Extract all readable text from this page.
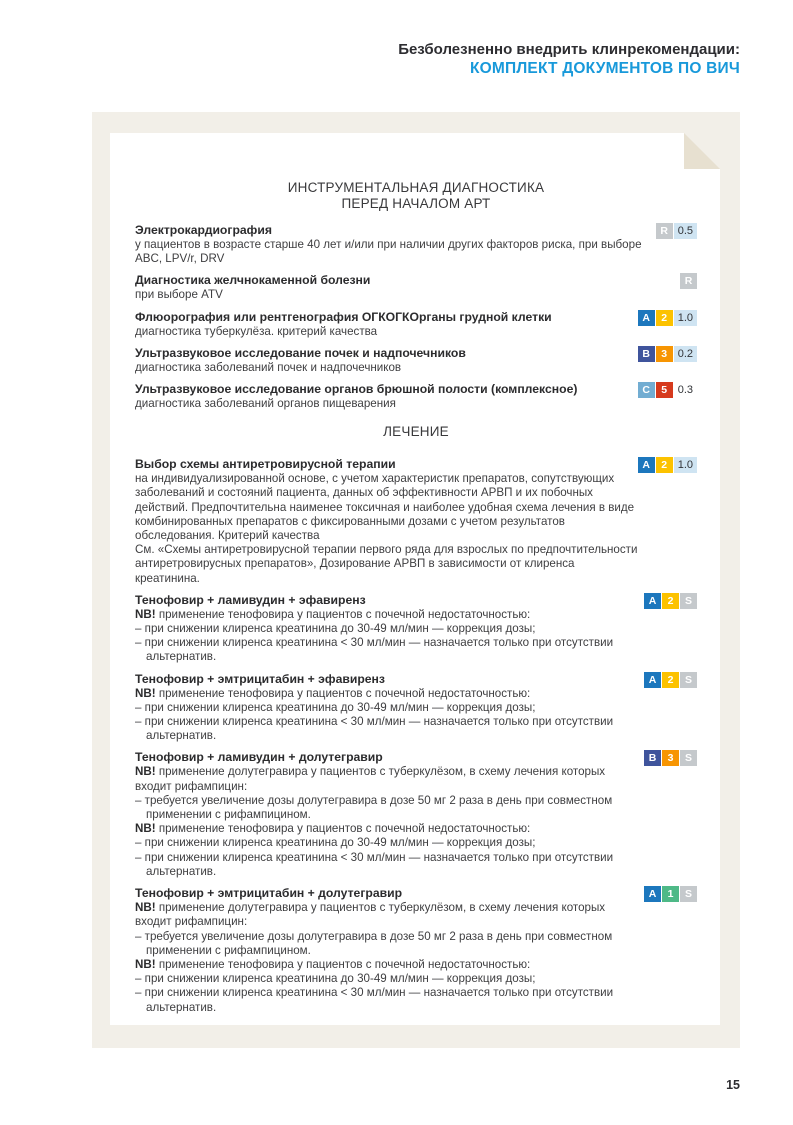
Безболезненно внедрить клинрекомендации:
КОМПЛЕКТ ДОКУМЕНТОВ ПО ВИЧ
ИНСТРУМЕНТАЛЬНАЯ ДИАГНОСТИКА
ПЕРЕД НАЧАЛОМ АРТ
Электрокардиография

у пациентов в возрасте старше 40 лет и/или при наличии других факторов риска, при выборе ABC, LPV/r, DRV

R 0.5
Диагностика желчнокаменной болезни

при выборе ATV

R
Флюорография или рентгенография ОГКОГКОрганы грудной клетки

диагностика туберкулёза. критерий качества

A	2 1.0
Ультразвуковое исследование почек и надпочечников

диагностика заболеваний почек и надпочечников

B	3 0.2
Ультразвуковое исследование органов брюшной полости (комплексное)

диагностика заболеваний органов пищеварения

C	5 0.3
ЛЕЧЕНИЕ
Выбор схемы антиретровирусной терапии

на индивидуализированной основе, с учетом характеристик препаратов, сопутствующих заболеваний и состояний пациента, данных об эффективности АРВП и их побочных действий. Предпочтительна наименее токсичная и наиболее удобная схема лечения в виде комбинированных препаратов с фиксированными дозами с учетом результатов обследования. Критерий качества

См. «Схемы антиретровирусной терапии первого ряда для взрослых по предпочтительности антиретровирусных препаратов», Дозирование АРВП в зависимости от клиренса креатинина.

A	2 1.0
Тенофовир + ламивудин + эфавиренз

NB! применение тенофовира у пациентов с почечной недостаточностью:

– при снижении клиренса креатинина до 30-49 мл/мин — коррекция дозы;

– при снижении клиренса креатинина < 30 мл/мин — назначается только при отсутствии альтернатив.

A	2	S
Тенофовир + эмтрицитабин + эфавиренз

NB! применение тенофовира у пациентов с почечной недостаточностью:

– при снижении клиренса креатинина до 30-49 мл/мин — коррекция дозы;

– при снижении клиренса креатинина < 30 мл/мин — назначается только при отсутствии альтернатив.

A	2	S
Тенофовир + ламивудин + долутегравир

NB! применение долутегравира у пациентов с туберкулёзом, в схему лечения которых входит рифампицин:

– требуется увеличение дозы долутегравира в дозе 50 мг 2 раза в день при совместном применении с рифампицином.

NB! применение тенофовира у пациентов с почечной недостаточностью:

– при снижении клиренса креатинина до 30-49 мл/мин — коррекция дозы;

– при снижении клиренса креатинина < 30 мл/мин — назначается только при отсутствии альтернатив.

B	3	S
Тенофовир + эмтрицитабин + долутегравир

NB! применение долутегравира у пациентов с туберкулёзом, в схему лечения которых входит рифампицин:

– требуется увеличение дозы долутегравира в дозе 50 мг 2 раза в день при совместном применении с рифампицином.

NB! применение тенофовира у пациентов с почечной недостаточностью:

– при снижении клиренса креатинина до 30-49 мл/мин — коррекция дозы;

– при снижении клиренса креатинина < 30 мл/мин — назначается только при отсутствии альтернатив.

A	1	S
15
